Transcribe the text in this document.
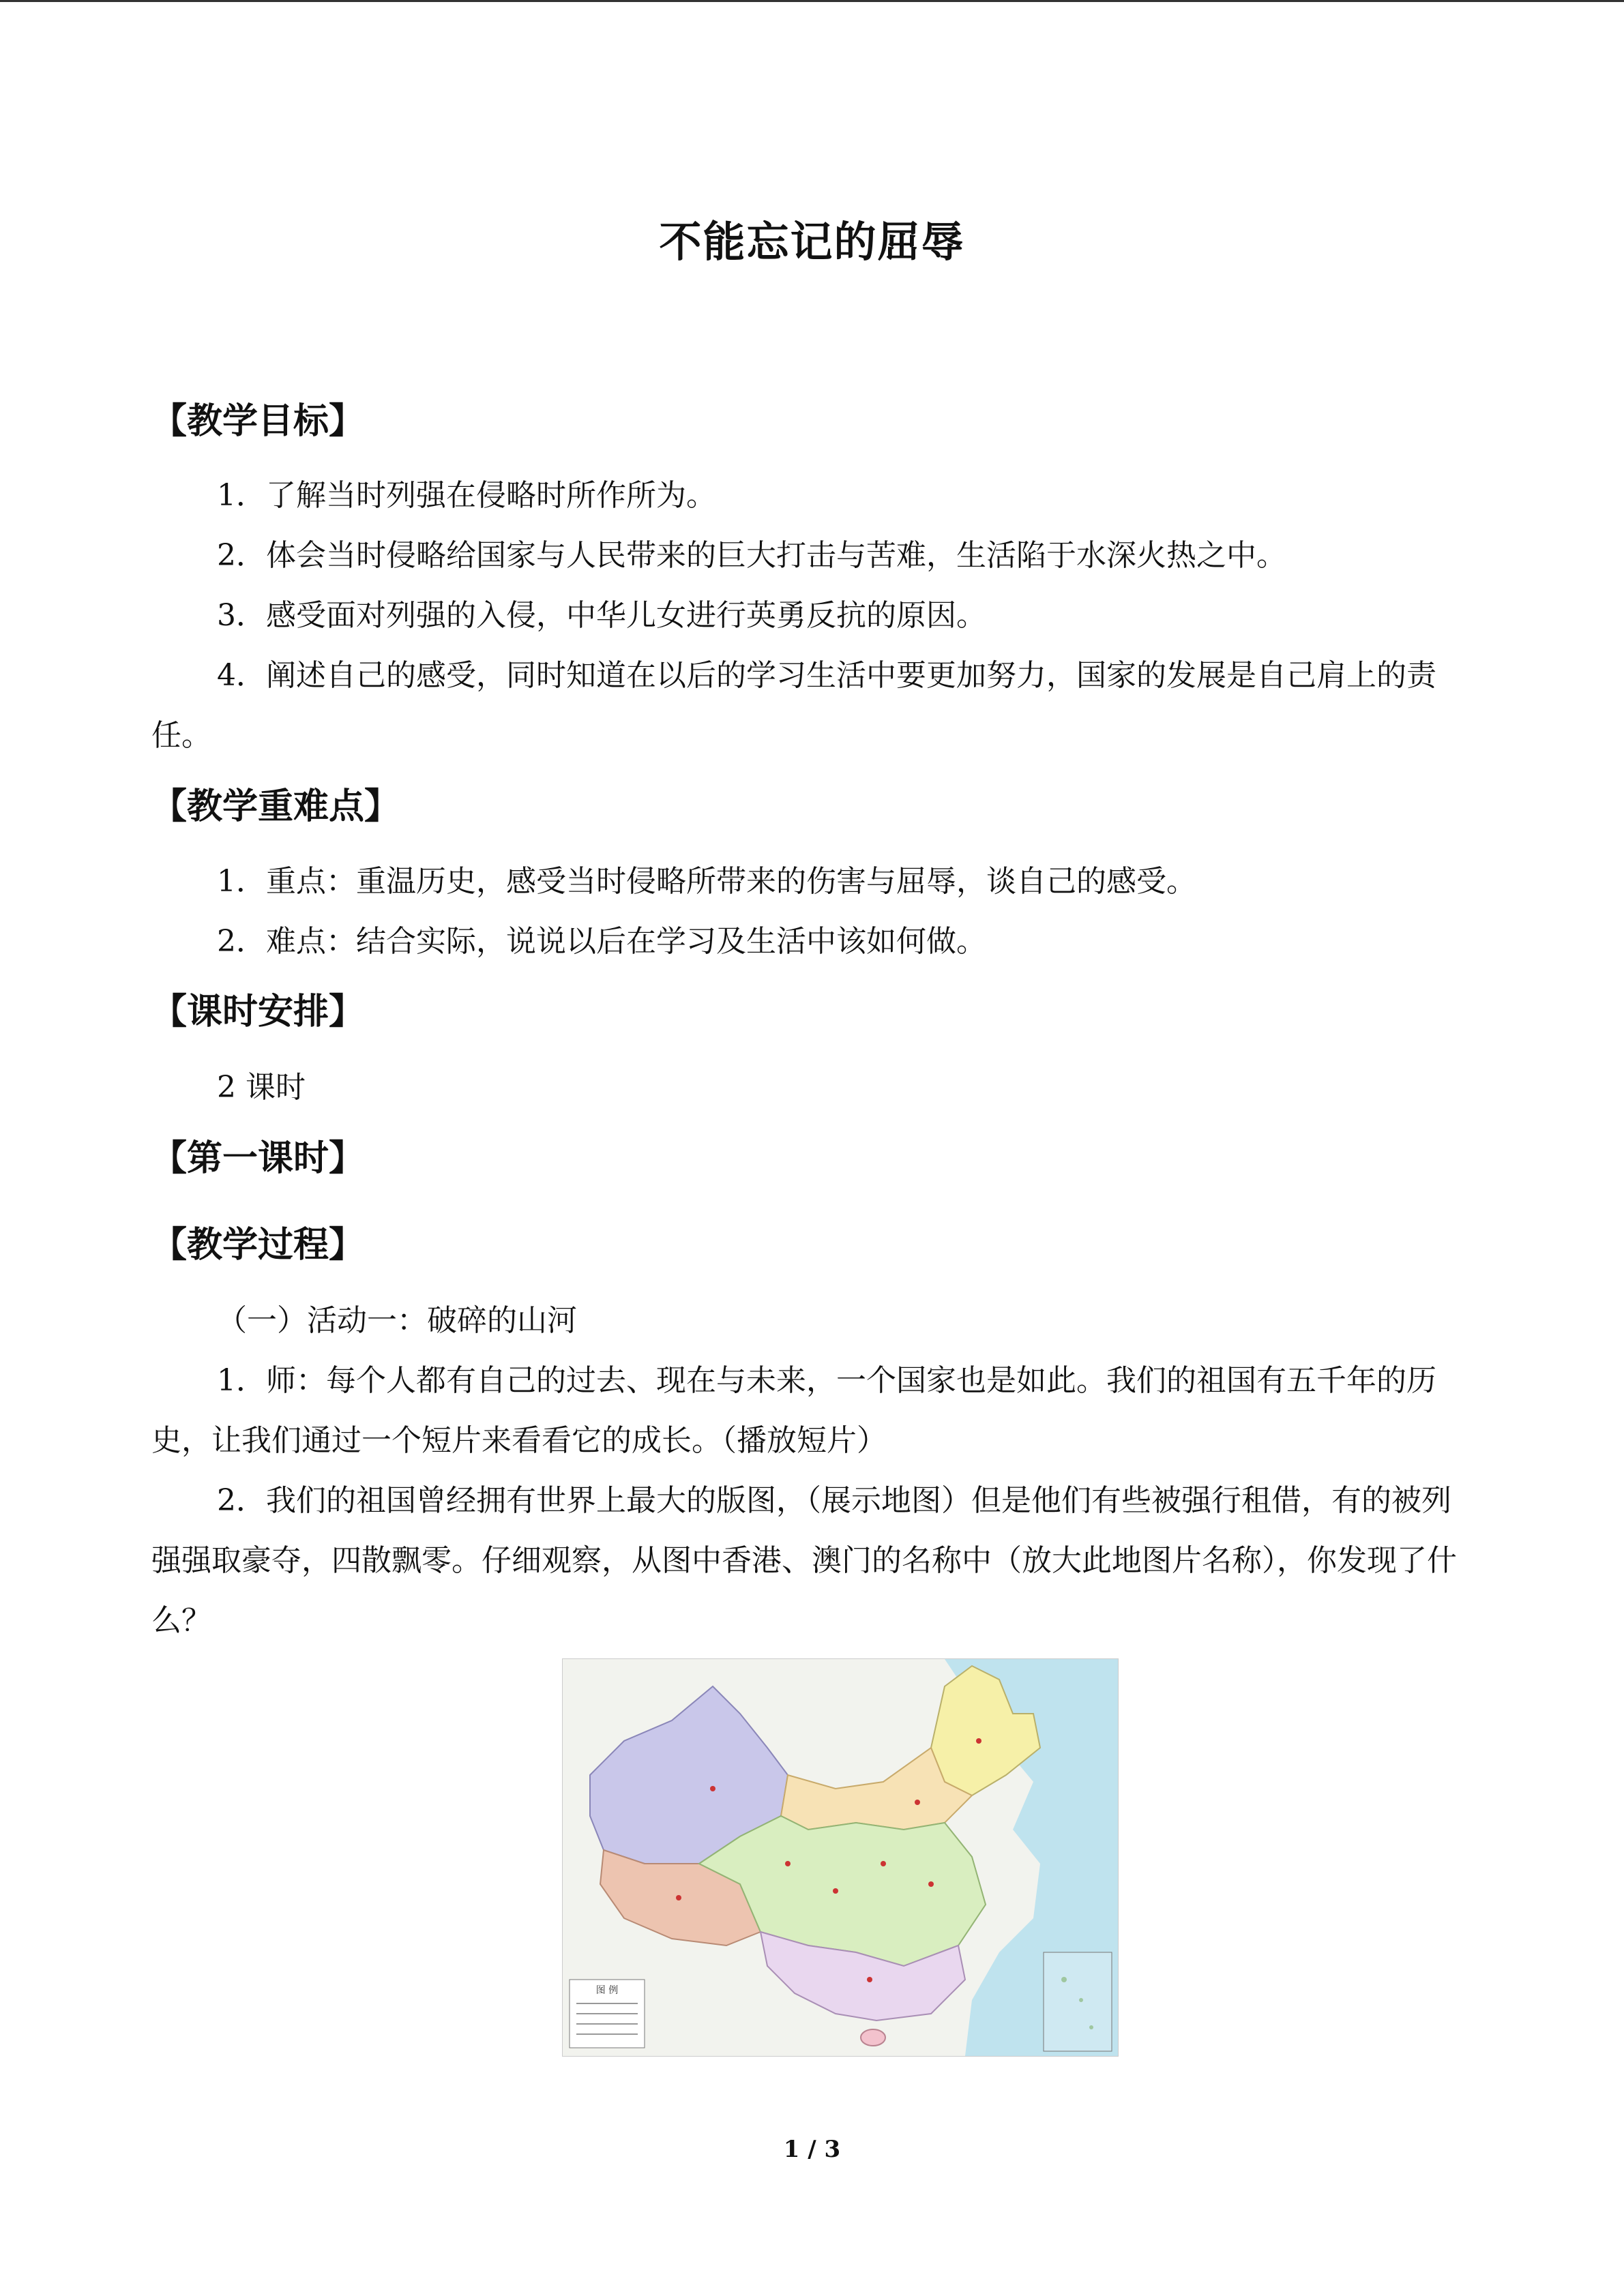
不能忘记的屈辱
【教学目标】
1．了解当时列强在侵略时所作所为。
2．体会当时侵略给国家与人民带来的巨大打击与苦难，生活陷于水深火热之中。
3．感受面对列强的入侵，中华儿女进行英勇反抗的原因。
4．阐述自己的感受，同时知道在以后的学习生活中要更加努力，国家的发展是自己肩上的责任。
【教学重难点】
1．重点：重温历史，感受当时侵略所带来的伤害与屈辱，谈自己的感受。
2．难点：结合实际，说说以后在学习及生活中该如何做。
【课时安排】
2 课时
【第一课时】
【教学过程】
（一）活动一：破碎的山河
1．师：每个人都有自己的过去、现在与未来，一个国家也是如此。我们的祖国有五千年的历史，让我们通过一个短片来看看它的成长。（播放短片）
2．我们的祖国曾经拥有世界上最大的版图，（展示地图）但是他们有些被强行租借，有的被列强强取豪夺，四散飘零。仔细观察，从图中香港、澳门的名称中（放大此地图片名称），你发现了什么？
图 例
1 / 3
